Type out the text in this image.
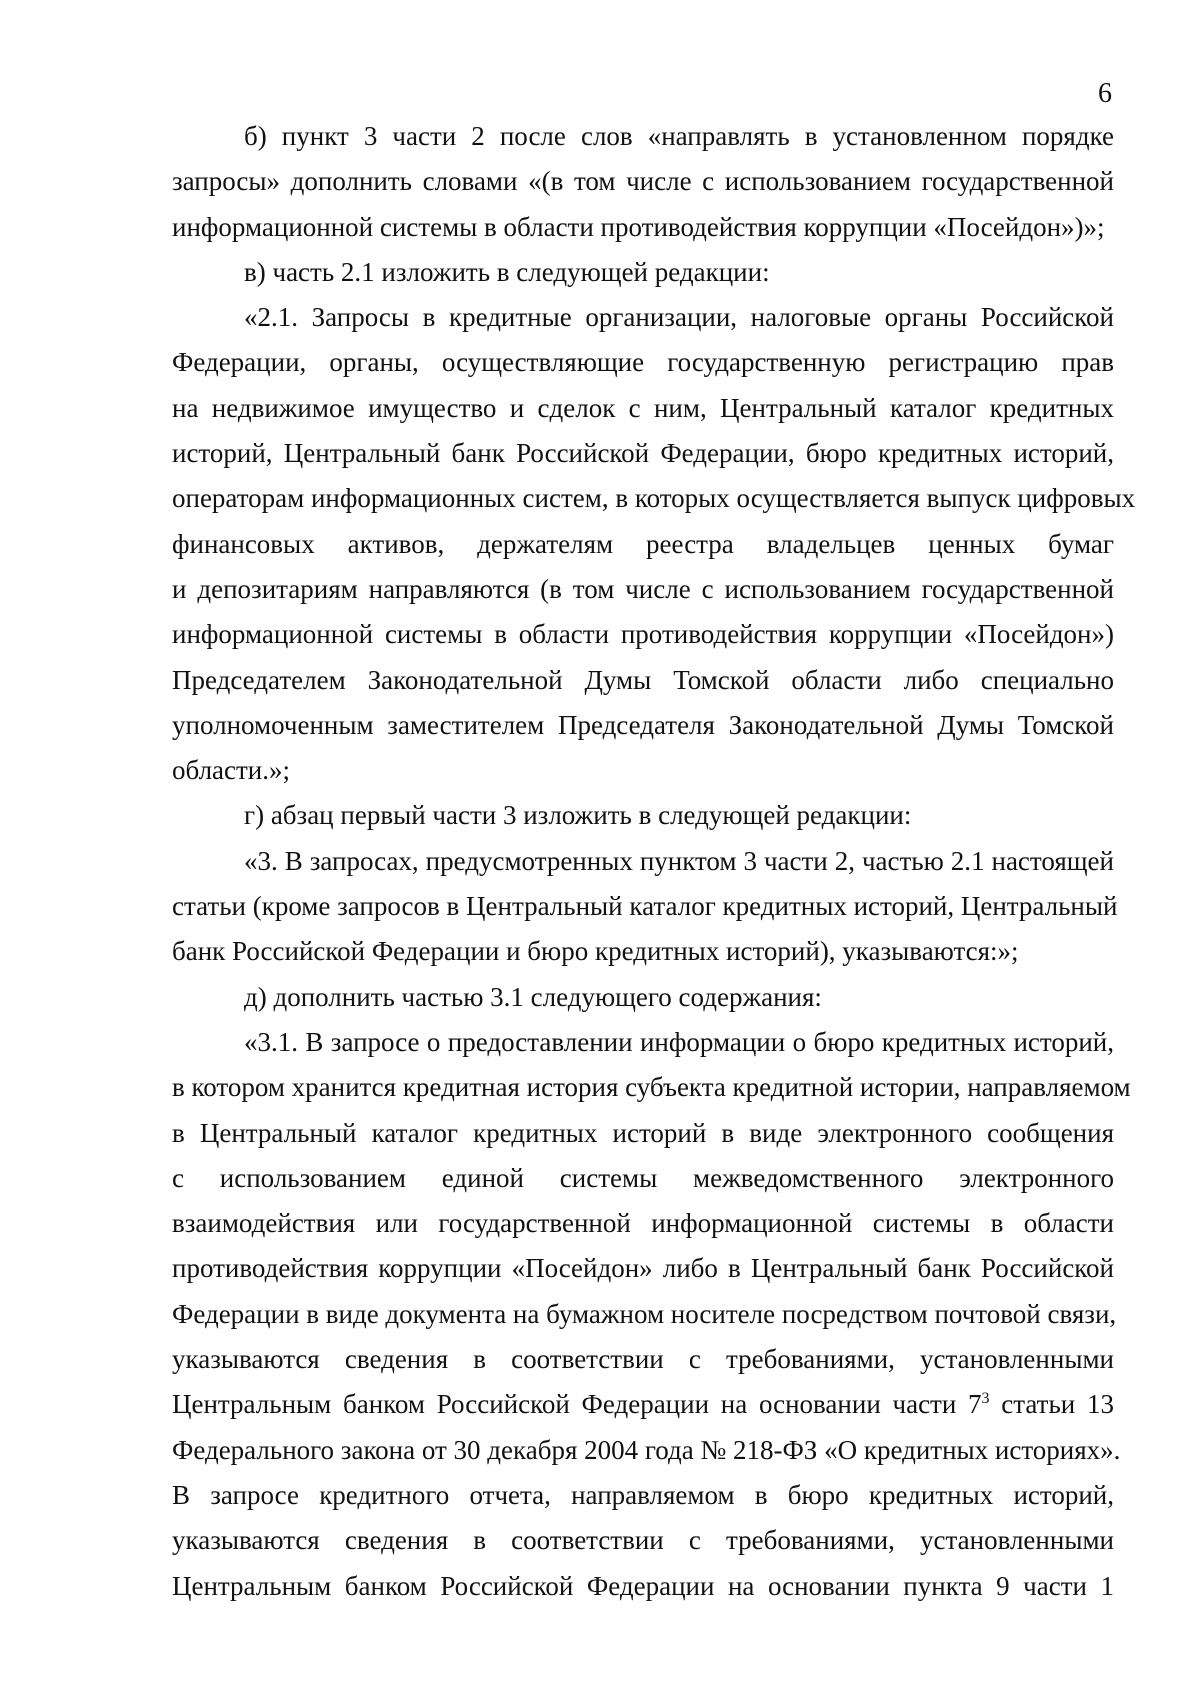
6
б) пункт 3 части 2 после слов «направлять в установленном порядке
запросы» дополнить словами «(в том числе с использованием государственной
информационной системы в области противодействия коррупции «Посейдон»)»;
в) часть 2.1 изложить в следующей редакции:
«2.1. Запросы в кредитные организации, налоговые органы Российской
Федерации, органы, осуществляющие государственную регистрацию прав
на недвижимое имущество и сделок с ним, Центральный каталог кредитных
историй, Центральный банк Российской Федерации, бюро кредитных историй,
операторам информационных систем, в которых осуществляется выпуск цифровых
финансовых активов, держателям реестра владельцев ценных бумаг
и депозитариям направляются (в том числе с использованием государственной
информационной системы в области противодействия коррупции «Посейдон»)
Председателем Законодательной Думы Томской области либо специально
уполномоченным заместителем Председателя Законодательной Думы Томской
области.»;
г) абзац первый части 3 изложить в следующей редакции:
«3. В запросах, предусмотренных пунктом 3 части 2, частью 2.1 настоящей
статьи (кроме запросов в Центральный каталог кредитных историй, Центральный
банк Российской Федерации и бюро кредитных историй), указываются:»;
д) дополнить частью 3.1 следующего содержания:
«3.1. В запросе о предоставлении информации о бюро кредитных историй,
в котором хранится кредитная история субъекта кредитной истории, направляемом
в Центральный каталог кредитных историй в виде электронного сообщения
с использованием единой системы межведомственного электронного
взаимодействия или государственной информационной системы в области
противодействия коррупции «Посейдон» либо в Центральный банк Российской
Федерации в виде документа на бумажном носителе посредством почтовой связи,
указываются сведения в соответствии с требованиями, установленными
Центральным банком Российской Федерации на основании части $7^3$ статьи 13
Федерального закона от 30 декабря 2004 года № 218-ФЗ «О кредитных историях».
В запросе кредитного отчета, направляемом в бюро кредитных историй,
указываются сведения в соответствии с требованиями, установленными
Центральным банком Российской Федерации на основании пункта 9 части 1
